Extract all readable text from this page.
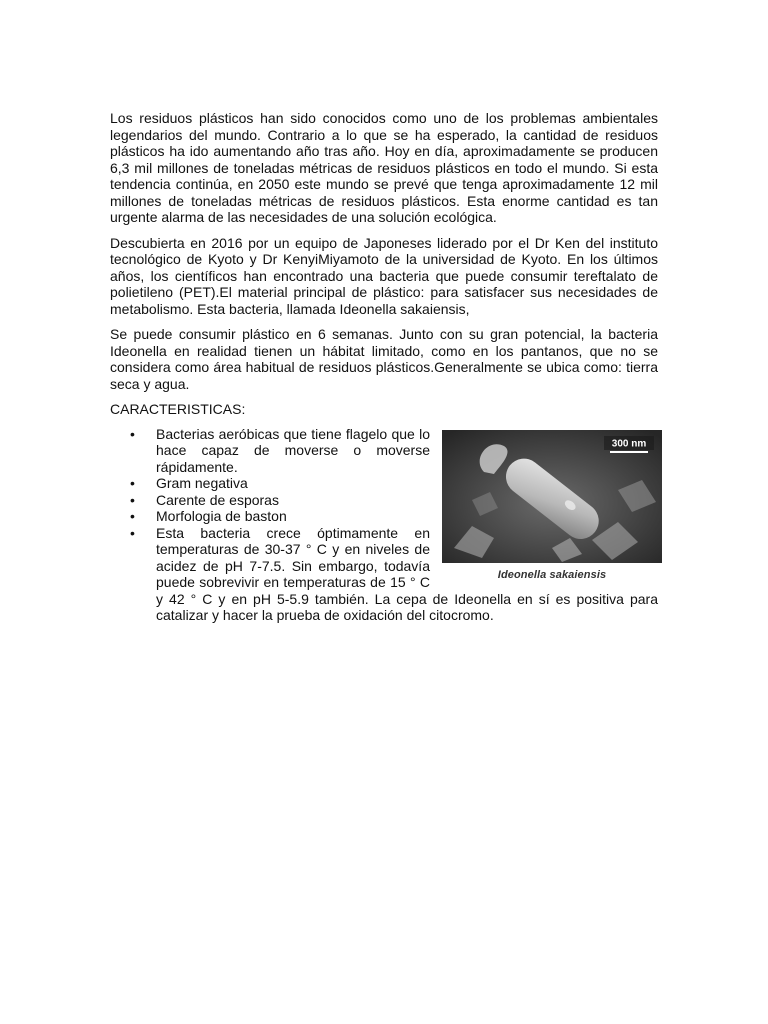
Los residuos plásticos han sido conocidos como uno de los problemas ambientales legendarios del mundo. Contrario a lo que se ha esperado, la cantidad de residuos plásticos ha ido aumentando año tras año. Hoy en día, aproximadamente se producen 6,3 mil millones de toneladas métricas de residuos plásticos en todo el mundo. Si esta tendencia continúa, en 2050 este mundo se prevé que tenga aproximadamente 12 mil millones de toneladas métricas de residuos plásticos. Esta enorme cantidad es tan urgente alarma de las necesidades de una solución ecológica.

Descubierta en 2016 por un equipo de Japoneses liderado por el Dr Ken del instituto tecnológico de Kyoto y Dr KenyiMiyamoto de la universidad de Kyoto. En los últimos años, los científicos han encontrado una bacteria que puede consumir tereftalato de polietileno (PET).El material principal de plástico: para satisfacer sus necesidades de metabolismo. Esta bacteria, llamada Ideonella sakaiensis,

Se puede consumir plástico en 6 semanas. Junto con su gran potencial, la bacteria Ideonella en realidad tienen un hábitat limitado, como en los pantanos, que no se considera como área habitual de residuos plásticos.Generalmente se ubica como: tierra seca y agua.

CARACTERISTICAS:
300 nm
Ideonella sakaiensis
• Bacterias aeróbicas que tiene flagelo que lo hace capaz de moverse o moverse rápidamente.
• Gram negativa
• Carente de esporas
• Morfologia de baston
• Esta bacteria crece óptimamente en temperaturas de 30-37 ° C y en niveles de acidez de pH 7-7.5. Sin embargo, todavía puede sobrevivir en temperaturas de 15 ° C y 42 ° C y en pH 5-5.9 también. La cepa de Ideonella en sí es positiva para catalizar y hacer la prueba de oxidación del citocromo.
